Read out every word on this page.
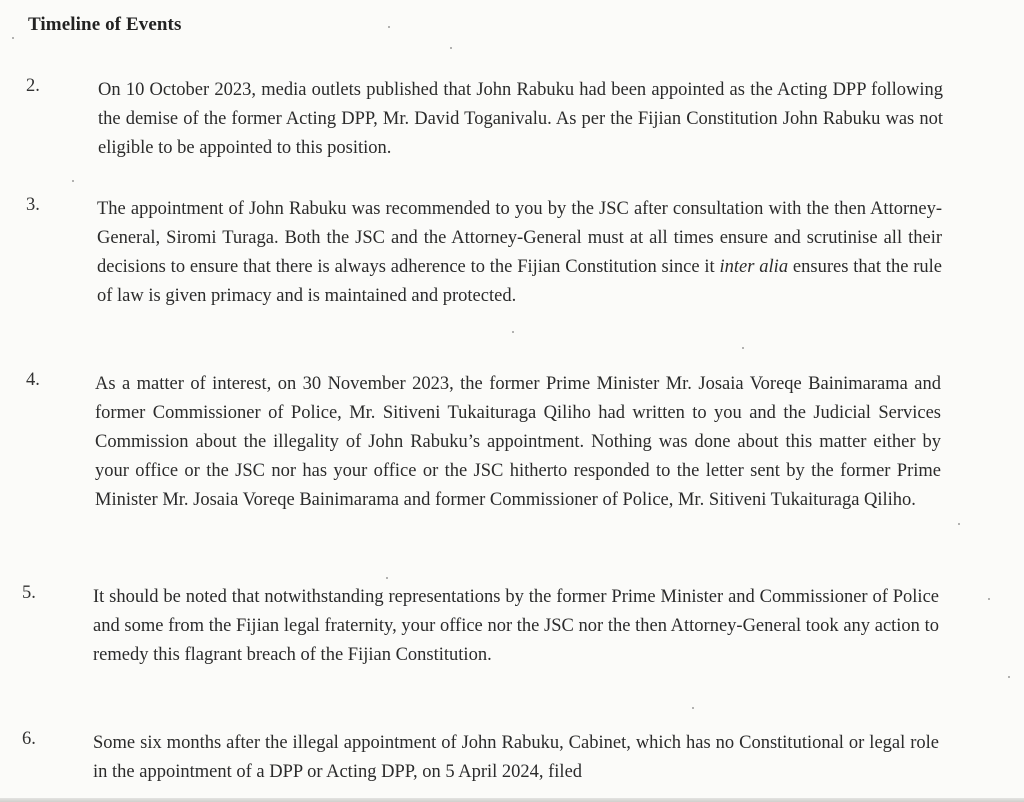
Timeline of Events
2.	On 10 October 2023, media outlets published that John Rabuku had been appointed as the Acting DPP following the demise of the former Acting DPP, Mr. David Toganivalu. As per the Fijian Constitution John Rabuku was not eligible to be appointed to this position.
3.	The appointment of John Rabuku was recommended to you by the JSC after consultation with the then Attorney-General, Siromi Turaga. Both the JSC and the Attorney-General must at all times ensure and scrutinise all their decisions to ensure that there is always adherence to the Fijian Constitution since it inter alia ensures that the rule of law is given primacy and is maintained and protected.
4.	As a matter of interest, on 30 November 2023, the former Prime Minister Mr. Josaia Voreqe Bainimarama and former Commissioner of Police, Mr. Sitiveni Tukaituraga Qiliho had written to you and the Judicial Services Commission about the illegality of John Rabuku’s appointment. Nothing was done about this matter either by your office or the JSC nor has your office or the JSC hitherto responded to the letter sent by the former Prime Minister Mr. Josaia Voreqe Bainimarama and former Commissioner of Police, Mr. Sitiveni Tukaituraga Qiliho.
5.	It should be noted that notwithstanding representations by the former Prime Minister and Commissioner of Police and some from the Fijian legal fraternity, your office nor the JSC nor the then Attorney-General took any action to remedy this flagrant breach of the Fijian Constitution.
6.	Some six months after the illegal appointment of John Rabuku, Cabinet, which has no Constitutional or legal role in the appointment of a DPP or Acting DPP, on 5 April 2024, filed
